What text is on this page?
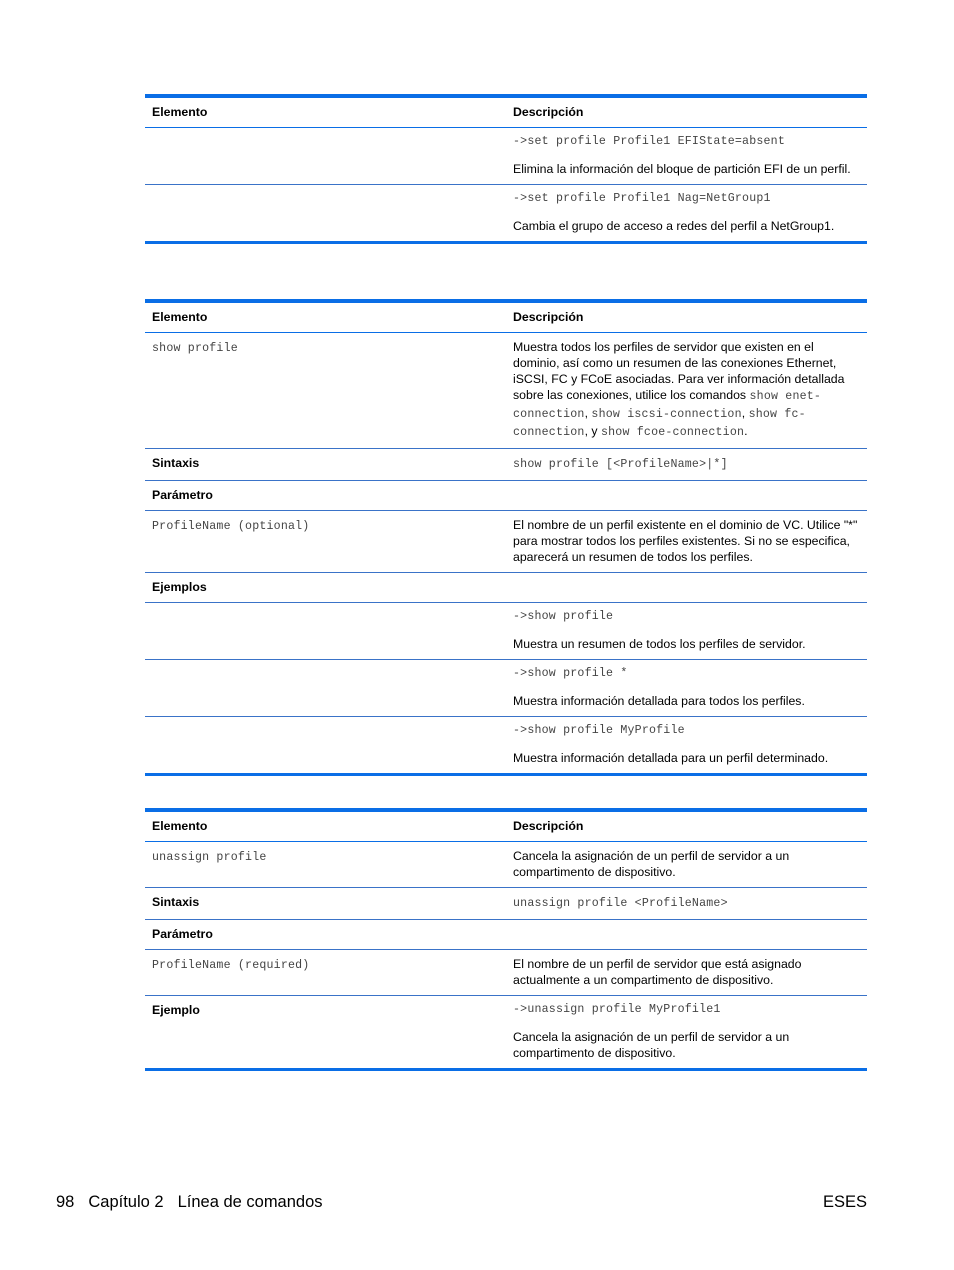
Elemento	Descripción

	->set profile Profile1 EFIState=absent
Elimina la información del bloque de partición EFI de un perfil.

	->set profile Profile1 Nag=NetGroup1
Cambia el grupo de acceso a redes del perfil a NetGroup1.
Elemento	Descripción
show profile	Muestra todos los perfiles de servidor que existen en el dominio, así como un resumen de las conexiones Ethernet, iSCSI, FC y FCoE asociadas. Para ver información detallada sobre las conexiones, utilice los comandos show enet-connection, show iscsi-connection, show fc-connection, y show fcoe-connection.
Sintaxis	show profile [<ProfileName>|*]
Parámetro	
ProfileName (optional)	El nombre de un perfil existente en el dominio de VC. Utilice "*" para mostrar todos los perfiles existentes. Si no se especifica, aparecerá un resumen de todos los perfiles.
Ejemplos	

	->show profile
Muestra un resumen de todos los perfiles de servidor.

	->show profile *
Muestra información detallada para todos los perfiles.

	->show profile MyProfile
Muestra información detallada para un perfil determinado.
Elemento	Descripción
unassign profile	Cancela la asignación de un perfil de servidor a un compartimento de dispositivo.
Sintaxis	unassign profile <ProfileName>
Parámetro	
ProfileName (required)	El nombre de un perfil de servidor que está asignado actualmente a un compartimento de dispositivo.
Ejemplo	->unassign profile MyProfile1
Cancela la asignación de un perfil de servidor a un compartimento de dispositivo.
98 Capítulo 2 Línea de comandos	ESES
